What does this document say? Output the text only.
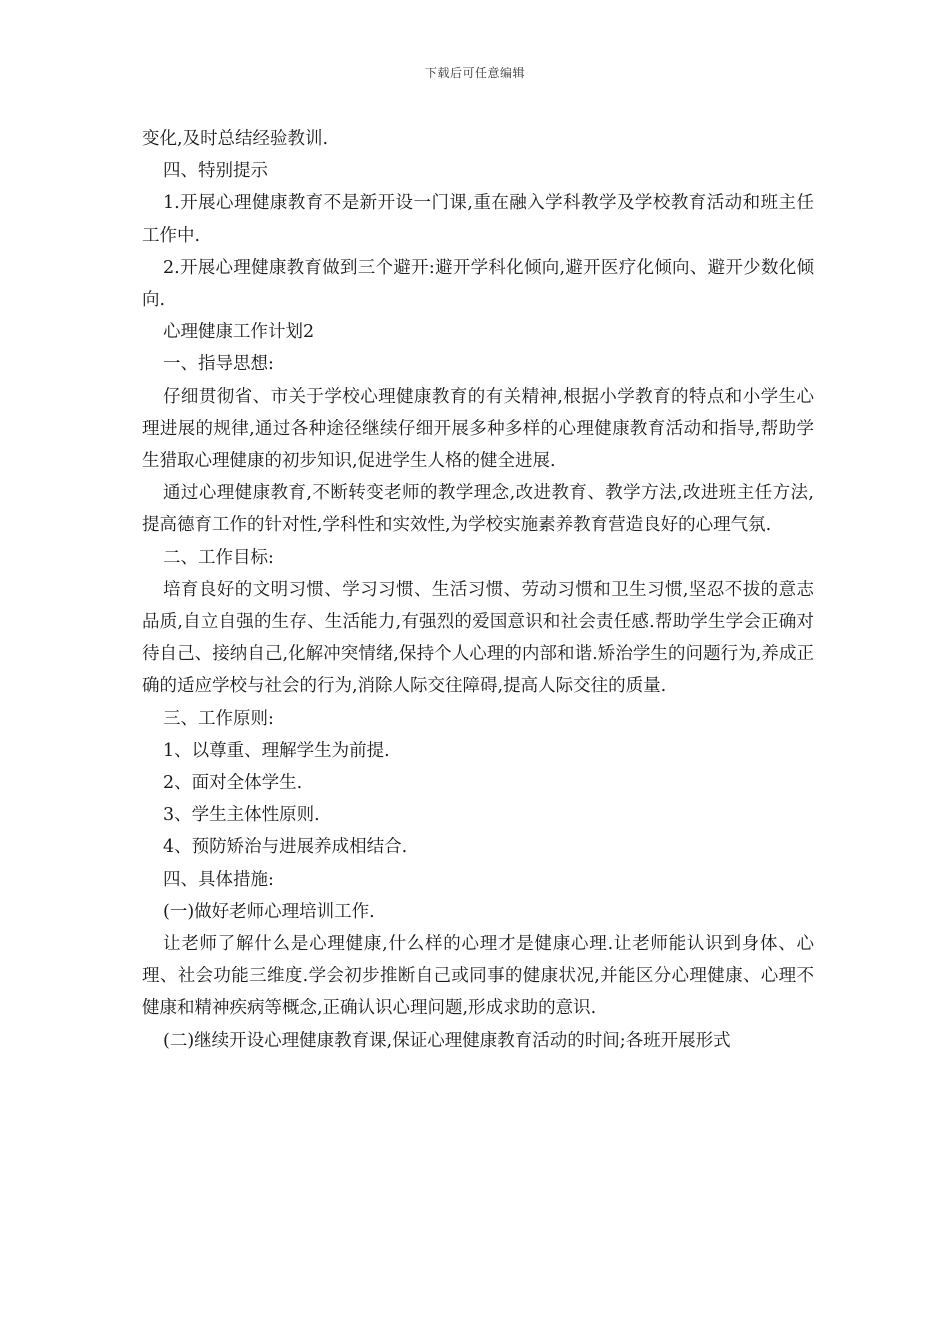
下载后可任意编辑

变化,及时总结经验教训.

四、特别提示

1.开展心理健康教育不是新开设一门课,重在融入学科教学及学校教育活动和班主任工作中.

2.开展心理健康教育做到三个避开:避开学科化倾向,避开医疗化倾向、避开少数化倾向.

心理健康工作计划2

一、指导思想:

仔细贯彻省、市关于学校心理健康教育的有关精神,根据小学教育的特点和小学生心理进展的规律,通过各种途径继续仔细开展多种多样的心理健康教育活动和指导,帮助学生猎取心理健康的初步知识,促进学生人格的健全进展.

通过心理健康教育,不断转变老师的教学理念,改进教育、教学方法,改进班主任方法,提高德育工作的针对性,学科性和实效性,为学校实施素养教育营造良好的心理气氛.

二、工作目标:

培育良好的文明习惯、学习习惯、生活习惯、劳动习惯和卫生习惯,坚忍不拔的意志品质,自立自强的生存、生活能力,有强烈的爱国意识和社会责任感.帮助学生学会正确对待自己、接纳自己,化解冲突情绪,保持个人心理的内部和谐.矫治学生的问题行为,养成正确的适应学校与社会的行为,消除人际交往障碍,提高人际交往的质量.

三、工作原则:

1、以尊重、理解学生为前提.

2、面对全体学生.

3、学生主体性原则.

4、预防矫治与进展养成相结合.

四、具体措施:

(一)做好老师心理培训工作.

让老师了解什么是心理健康,什么样的心理才是健康心理.让老师能认识到身体、心理、社会功能三维度.学会初步推断自己或同事的健康状况,并能区分心理健康、心理不健康和精神疾病等概念,正确认识心理问题,形成求助的意识.

(二)继续开设心理健康教育课,保证心理健康教育活动的时间;各班开展形式
